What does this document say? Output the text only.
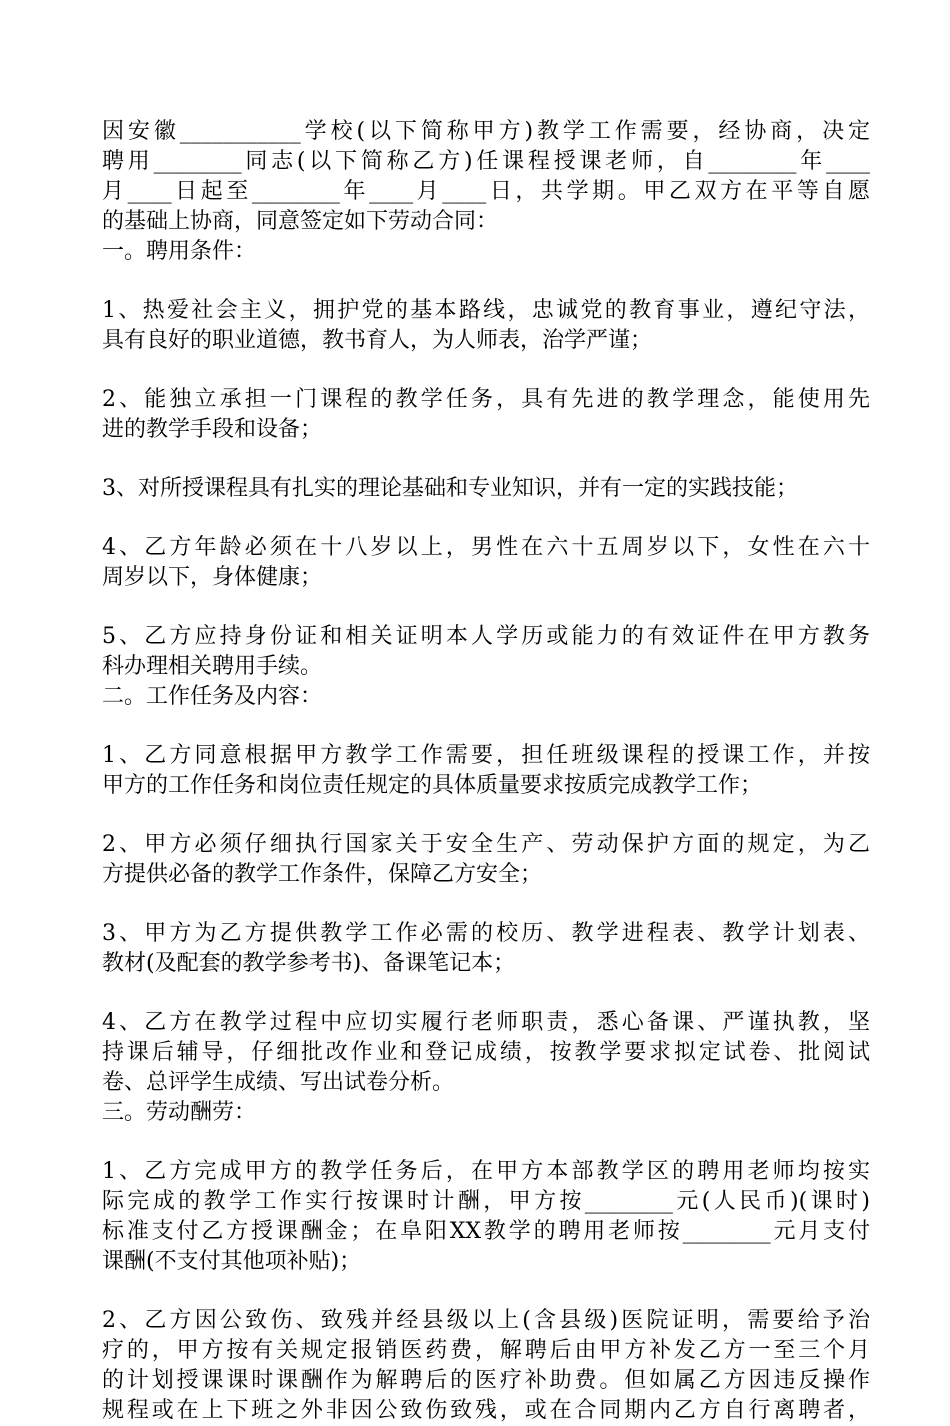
因安徽___________学校(以下简称甲方)教学工作需要，经协商，决定
聘用________同志(以下简称乙方)任课程授课老师，自________年____
月____日起至________年____月____日，共学期。甲乙双方在平等自愿
的基础上协商，同意签定如下劳动合同：
一。聘用条件：
1、热爱社会主义，拥护党的基本路线，忠诚党的教育事业，遵纪守法，
具有良好的职业道德，教书育人，为人师表，治学严谨；
2、能独立承担一门课程的教学任务，具有先进的教学理念，能使用先
进的教学手段和设备；
3、对所授课程具有扎实的理论基础和专业知识，并有一定的实践技能；
4、乙方年龄必须在十八岁以上，男性在六十五周岁以下，女性在六十
周岁以下，身体健康；
5、乙方应持身份证和相关证明本人学历或能力的有效证件在甲方教务
科办理相关聘用手续。
二。工作任务及内容：
1、乙方同意根据甲方教学工作需要，担任班级课程的授课工作，并按
甲方的工作任务和岗位责任规定的具体质量要求按质完成教学工作；
2、甲方必须仔细执行国家关于安全生产、劳动保护方面的规定，为乙
方提供必备的教学工作条件，保障乙方安全；
3、甲方为乙方提供教学工作必需的校历、教学进程表、教学计划表、
教材(及配套的教学参考书)、备课笔记本；
4、乙方在教学过程中应切实履行老师职责，悉心备课、严谨执教，坚
持课后辅导，仔细批改作业和登记成绩，按教学要求拟定试卷、批阅试
卷、总评学生成绩、写出试卷分析。
三。劳动酬劳：
1、乙方完成甲方的教学任务后，在甲方本部教学区的聘用老师均按实
际完成的教学工作实行按课时计酬，甲方按________元(人民币)(课时)
标准支付乙方授课酬金；在阜阳XX教学的聘用老师按________元月支付
课酬(不支付其他项补贴)；
2、乙方因公致伤、致残并经县级以上(含县级)医院证明，需要给予治
疗的，甲方按有关规定报销医药费，解聘后由甲方补发乙方一至三个月
的计划授课课时课酬作为解聘后的医疗补助费。但如属乙方因违反操作
规程或在上下班之外非因公致伤致残，或在合同期内乙方自行离聘者，
